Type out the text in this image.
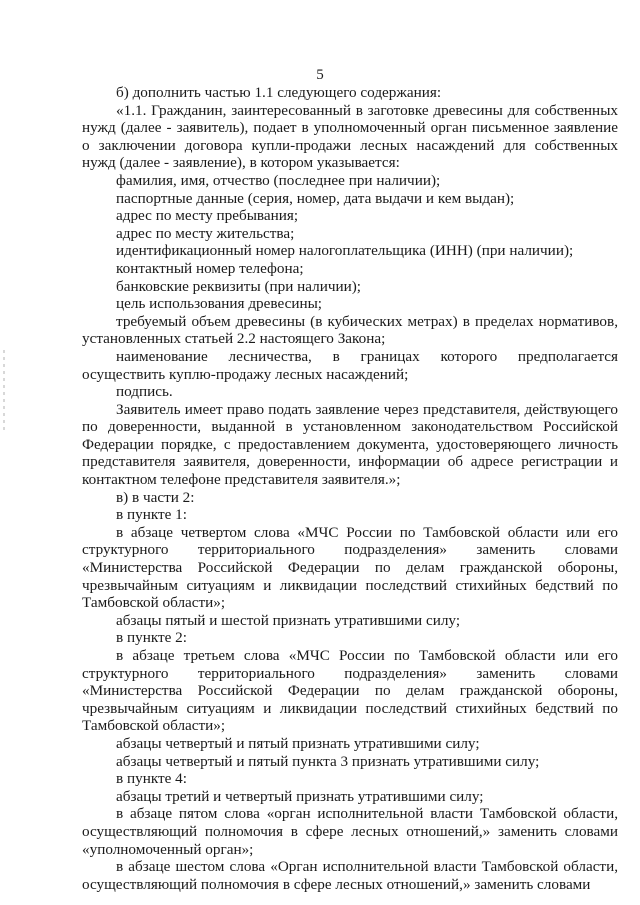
5

б) дополнить частью 1.1 следующего содержания:

«1.1. Гражданин, заинтересованный в заготовке древесины для собственных нужд (далее - заявитель), подает в уполномоченный орган письменное заявление о заключении договора купли-продажи лесных насаждений для собственных нужд (далее - заявление), в котором указывается:

фамилия, имя, отчество (последнее при наличии);

паспортные данные (серия, номер, дата выдачи и кем выдан);

адрес по месту пребывания;

адрес по месту жительства;

идентификационный номер налогоплательщика (ИНН) (при наличии);

контактный номер телефона;

банковские реквизиты (при наличии);

цель использования древесины;

требуемый объем древесины (в кубических метрах) в пределах нормативов, установленных статьей 2.2 настоящего Закона;

наименование лесничества, в границах которого предполагается осуществить куплю-продажу лесных насаждений;

подпись.

Заявитель имеет право подать заявление через представителя, действующего по доверенности, выданной в установленном законодательством Российской Федерации порядке, с предоставлением документа, удостоверяющего личность представителя заявителя, доверенности, информации об адресе регистрации и контактном телефоне представителя заявителя.»;

в) в части 2:

в пункте 1:

в абзаце четвертом слова «МЧС России по Тамбовской области или его структурного территориального подразделения» заменить словами «Министерства Российской Федерации по делам гражданской обороны, чрезвычайным ситуациям и ликвидации последствий стихийных бедствий по Тамбовской области»;

абзацы пятый и шестой признать утратившими силу;

в пункте 2:

в абзаце третьем слова «МЧС России по Тамбовской области или его структурного территориального подразделения» заменить словами «Министерства Российской Федерации по делам гражданской обороны, чрезвычайным ситуациям и ликвидации последствий стихийных бедствий по Тамбовской области»;

абзацы четвертый и пятый признать утратившими силу;

абзацы четвертый и пятый пункта 3 признать утратившими силу;

в пункте 4:

абзацы третий и четвертый признать утратившими силу;

в абзаце пятом слова «орган исполнительной власти Тамбовской области, осуществляющий полномочия в сфере лесных отношений,» заменить словами «уполномоченный орган»;

в абзаце шестом слова «Орган исполнительной власти Тамбовской области, осуществляющий полномочия в сфере лесных отношений,» заменить словами
